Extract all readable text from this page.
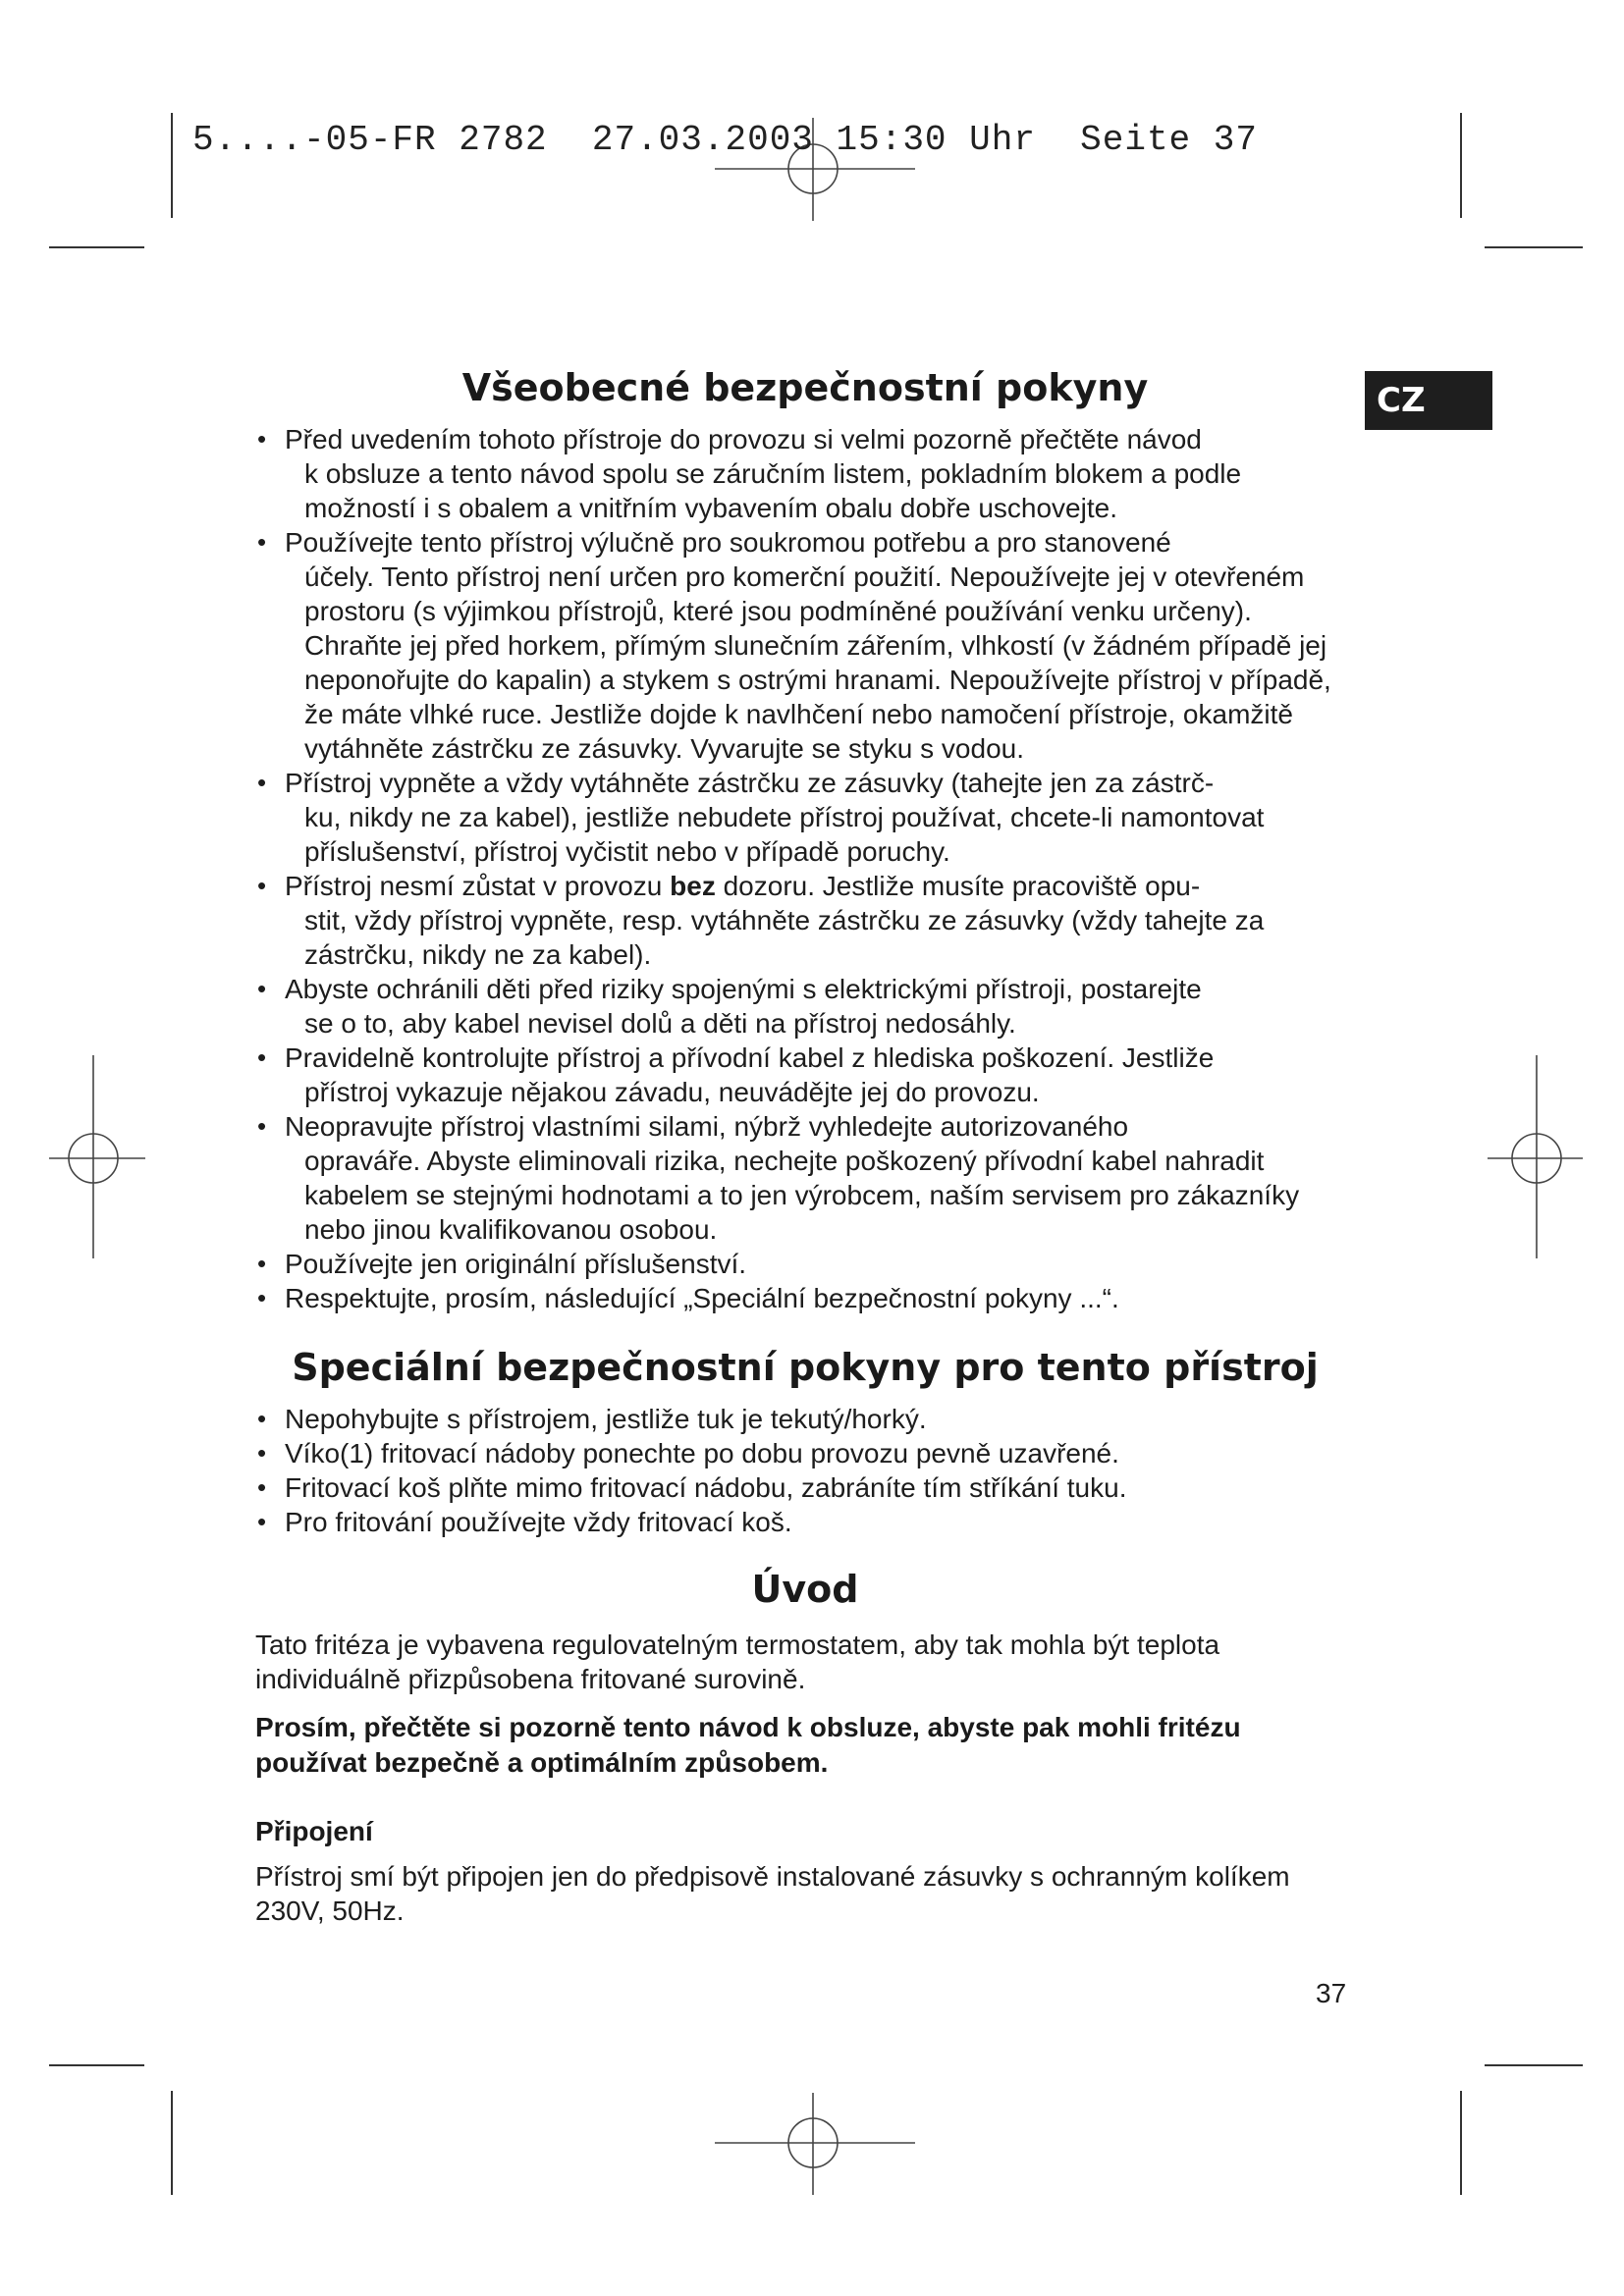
5....-05-FR 2782  27.03.2003 15:30 Uhr  Seite 37
CZ
Všeobecné bezpečnostní pokyny
• Před uvedením tohoto přístroje do provozu si velmi pozorně přečtěte návod
k obsluze a tento návod spolu se záručním listem, pokladním blokem a podle možností i s obalem a vnitřním vybavením obalu dobře uschovejte.
• Používejte tento přístroj výlučně pro soukromou potřebu a pro stanovené
účely. Tento přístroj není určen pro komerční použití. Nepoužívejte jej v otevřeném prostoru (s výjimkou přístrojů, které jsou podmíněné používání venku určeny). Chraňte jej před horkem, přímým slunečním zářením, vlhkostí (v žádném případě jej neponořujte do kapalin) a stykem s ostrými hranami. Nepoužívejte přístroj v případě, že máte vlhké ruce. Jestliže dojde k navlhčení nebo namočení přístroje, okamžitě vytáhněte zástrčku ze zásuvky. Vyvarujte se styku s vodou.
• Přístroj vypněte a vždy vytáhněte zástrčku ze zásuvky (tahejte jen za zástrč-
ku, nikdy ne za kabel), jestliže nebudete přístroj používat, chcete-li namontovat příslušenství, přístroj vyčistit nebo v případě poruchy.
• Přístroj nesmí zůstat v provozu bez dozoru. Jestliže musíte pracoviště opu-
stit, vždy přístroj vypněte, resp. vytáhněte zástrčku ze zásuvky (vždy tahejte za zástrčku, nikdy ne za kabel).
• Abyste ochránili děti před riziky spojenými s elektrickými přístroji, postarejte
se o to, aby kabel nevisel dolů a děti na přístroj nedosáhly.
• Pravidelně kontrolujte přístroj a přívodní kabel z hlediska poškození. Jestliže
přístroj vykazuje nějakou závadu, neuvádějte jej do provozu.
• Neopravujte přístroj vlastními silami, nýbrž vyhledejte autorizovaného
opraváře. Abyste eliminovali rizika, nechejte poškozený přívodní kabel nahradit kabelem se stejnými hodnotami a to jen výrobcem, naším servisem pro zákazníky nebo jinou kvalifikovanou osobou.
• Používejte jen originální příslušenství.
• Respektujte, prosím, následující „Speciální bezpečnostní pokyny ...“.
Speciální bezpečnostní pokyny pro tento přístroj
• Nepohybujte s přístrojem, jestliže tuk je tekutý/horký.
• Víko(1) fritovací nádoby ponechte po dobu provozu pevně uzavřené.
• Fritovací koš plňte mimo fritovací nádobu, zabráníte tím stříkání tuku.
• Pro fritování používejte vždy fritovací koš.
Úvod

Tato fritéza je vybavena regulovatelným termostatem, aby tak mohla být teplota individuálně přizpůsobena fritované surovině.

Prosím, přečtěte si pozorně tento návod k obsluze, abyste pak mohli fritézu používat bezpečně a optimálním způsobem.

Připojení

Přístroj smí být připojen jen do předpisově instalované zásuvky s ochranným kolíkem 230V, 50Hz.

37
